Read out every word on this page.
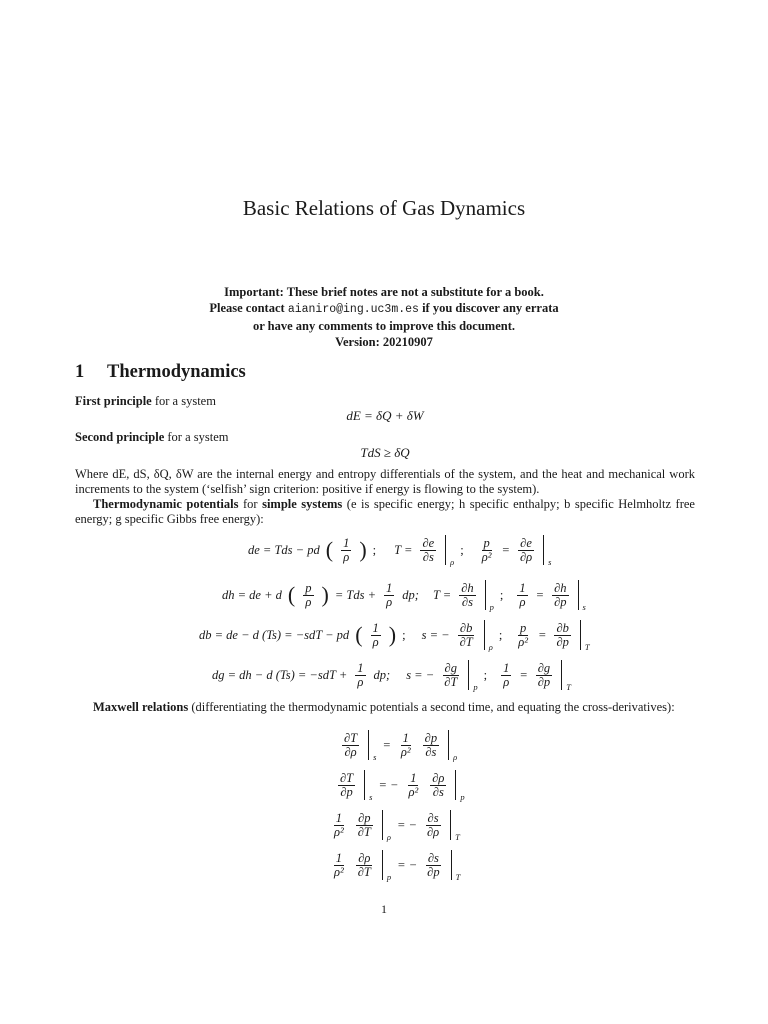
Basic Relations of Gas Dynamics
Important: These brief notes are not a substitute for a book.
Please contact aianiro@ing.uc3m.es if you discover any errata
or have any comments to improve this document.
Version: 20210907
1 Thermodynamics
First principle for a system
dE = δQ + δW
Second principle for a system
TdS ≥ δQ
Where dE, dS, δQ, δW are the internal energy and entropy differentials of the system, and the heat and mechanical work increments to the system (‘selfish’ sign criterion: positive if energy is flowing to the system).
Thermodynamic potentials for simple systems (e is specific energy; h specific enthalpy; b specific Helmholtz free energy; g specific Gibbs free energy):
de = Tds − pd ( $\frac{1}{\rho}$ ) ; $T = \frac{\partial e}{\partial s}$ ρ
; $\frac{p}{\text{ρ²}} = \frac{\partial e}{\partial\rho}$ s
dh = de + d ( $\frac{p}{\rho}$ ) = Tds + $\frac{1}{\rho}$ dp; $T = \frac{\partial h}{\partial s}$ p
; $\frac{1}{\rho} = \frac{\partial h}{\partial p}$ s
db = de − d (Ts) = −sdT − pd ( $\frac{1}{\rho}$ ) ; s = − $\frac{\partial b}{\partial T}$ ρ
; $\frac{p}{\text{ρ²}} = \frac{\partial b}{\partial p}$ T
dg = dh − d $(Ts) = -sdT + \frac{1}{\rho}$ dp; s = − $\frac{\partial g}{\partial T}$ p
; $\frac{1}{\rho} = \frac{\partial g}{\partial p}$ T
Maxwell relations (differentiating the thermodynamic potentials a second time, and equating the cross-derivatives):
$\frac{\partial T}{\partial\rho}$ s
= $\frac{1}{\text{ρ²}} \frac{\partial p}{\partial s}$ ρ
$\frac{\partial T}{\partial p}$ s
= − $\frac{1}{\text{ρ²}} \frac{\partial\rho}{\partial s}$ p
$\frac{1}{\text{ρ²}} \frac{\partial p}{\partial T}$ ρ
= − $\frac{\partial s}{\partial\rho}$ T
$\frac{1}{\text{ρ²}} \frac{\partial\rho}{\partial T}$ p
= − $\frac{\partial s}{\partial p}$ T
1
